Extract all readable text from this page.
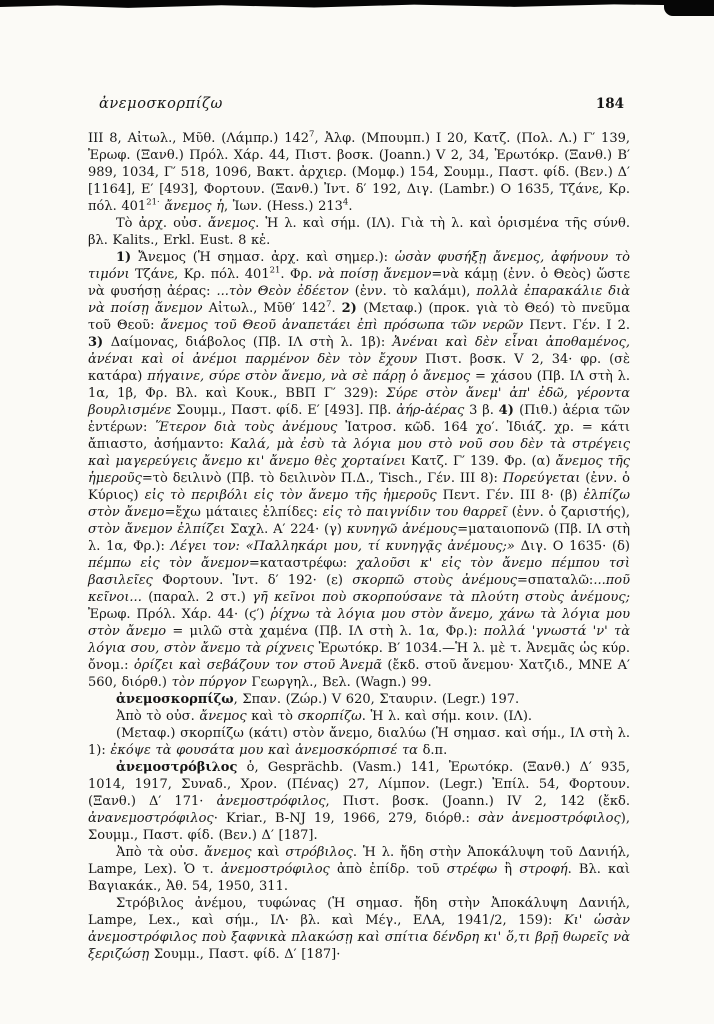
ἀνεμοσκορπίζω	184

III 8, Αἰτωλ., Μῦθ. (Λάμπρ.) $142^7$, Ἀλφ. (Μπουμπ.) I 20, Κατζ. (Πολ. Λ.) Γ′ 139, Ἐρωφ. (Ξανθ.) Πρόλ. Χάρ. 44, Πιστ. βοσκ. (Joann.) V 2, 34, Ἐρωτόκρ. (Ξανθ.) Β′ 989, 1034, Γ′ 518, 1096, Βακτ. ἀρχιερ. (Μομφ.) 154, Σουμμ., Παστ. φίδ. (Βεν.) Δ′ [1164], Ε′ [493], Φορτουν. (Ξανθ.) Ἰντ. δ′ 192, Διγ. (Lambr.) Ο 1635, Τζάνε, Κρ. πόλ. $401^{21\cdot}$ ἄνεμος ἡ, Ἰων. (Hess.) $213^4$.

Τὸ ἀρχ. οὐσ. ἄνεμος. Ἡ λ. καὶ σήμ. (ΙΛ). Γιὰ τὴ λ. καὶ ὁρισμένα τῆς σύνθ. βλ. Kalits., Erkl. Eust. 8 κἑ.

1) Ἄνεμος (Ἡ σημασ. ἀρχ. καὶ σημερ.): ὡσὰν φυσήξῃ ἄνεμος, ἀφήνουν τὸ τιμόνι Τζάνε, Κρ. πόλ. $401^{21}$. Φρ. νὰ ποίσῃ ἄνεμον=νὰ κάμῃ (ἐνν. ὁ Θεὸς) ὥστε νὰ φυσήσῃ ἀέρας: ...τὸν Θεὸν ἐδέετον (ἐνν. τὸ καλάμι), πολλὰ ἐπαρακάλιε διὰ νὰ ποίσῃ ἄνεμον Αἰτωλ., Μῦθ′ $142^7$. 2) (Μεταφ.) (προκ. γιὰ τὸ Θεό) τὸ πνεῦμα τοῦ Θεοῦ: ἄνεμος τοῦ Θεοῦ ἀναπετάει ἐπὶ πρόσωπα τῶν νερῶν Πεντ. Γέν. I 2. 3) Δαίμονας, διάβολος (Πβ. ΙΛ στὴ λ. 1β): Ἀνέναι καὶ δὲν εἶναι ἀποθαμένος, ἀνέναι καὶ οἱ ἀνέμοι παρμένον δὲν τὸν ἔχουν Πιστ. βοσκ. V 2, 34· φρ. (σὲ κατάρα) πήγαινε, σύρε στὸν ἄνεμο, νὰ σὲ πάρῃ ὁ ἄνεμος = χάσου (Πβ. ΙΛ στὴ λ. 1α, 1β, Φρ. Βλ. καὶ Κουκ., ΒΒΠ Γ′ 329): Σύρε στὸν ἄνεμ' ἀπ' ἐδῶ, γέροντα βουρλισμένε Σουμμ., Παστ. φίδ. Ε′ [493]. Πβ. ἀήρ-ἀέρας 3 β. 4) (Πιθ.) ἀέρια τῶν ἐντέρων: Ἕτερον διὰ τοὺς ἀνέμους Ἰατροσ. κῶδ. 164 χο′. Ἰδιάζ. χρ. = κάτι ἄπιαστο, ἀσήμαντο: Καλά, μὰ ἐσὺ τὰ λόγια μου στὸ νοῦ σου δὲν τὰ στρέγεις καὶ μαγερεύγεις ἄνεμο κι' ἄνεμο θὲς χορταίνει Κατζ. Γ′ 139. Φρ. (α) ἄνεμος τῆς ἡμεροῦς=τὸ δειλινὸ (Πβ. τὸ δειλινὸν Π.Δ., Tisch., Γέν. III 8): Πορεύγεται (ἐνν. ὁ Κύριος) εἰς τὸ περιβόλι εἰς τὸν ἄνεμο τῆς ἡμεροῦς Πεντ. Γέν. III 8· (β) ἐλπίζω στὸν ἄνεμο=ἔχω μάταιες ἐλπίδες: εἰς τὸ παιγνίδιν του θαρρεῖ (ἐνν. ὁ ζαριστής), στὸν ἄνεμον ἐλπίζει Σαχλ. Α′ 224· (γ) κυνηγῶ ἀνέμους=ματαιοπονῶ (Πβ. ΙΛ στὴ λ. 1α, Φρ.): Λέγει τον: «Παλληκάρι μου, τί κυνηγᾷς ἀνέμους;» Διγ. Ο 1635· (δ) πέμπω εἰς τὸν ἄνεμον=καταστρέφω: χαλοῦσι κ' εἰς τὸν ἄνεμο πέμπου τσὶ βασιλεῖες Φορτουν. Ἰντ. δ′ 192· (ε) σκορπῶ στοὺς ἀνέμους=σπαταλῶ:...ποῦ κεῖνοι... (παραλ. 2 στ.) γῆ κεῖνοι ποὺ σκορπούσανε τὰ πλούτη στοὺς ἀνέμους; Ἐρωφ. Πρόλ. Χάρ. 44· (ϛ′) ῥίχνω τὰ λόγια μου στὸν ἄνεμο, χάνω τὰ λόγια μου στὸν ἄνεμο = μιλῶ στὰ χαμένα (Πβ. ΙΛ στὴ λ. 1α, Φρ.): πολλά 'γνωστά 'ν' τὰ λόγια σου, στὸν ἄνεμο τὰ ρίχνεις Ἐρωτόκρ. Β′ 1034.—Ἡ λ. μὲ τ. Ἀνεμᾶς ὡς κύρ. ὄνομ.: ὁρίζει καὶ σεβάζουν τον στοῦ Ἀνεμᾶ (ἔκδ. στοῦ ἄνεμου· Χατζιδ., ΜΝΕ Α′ 560, διόρθ.) τὸν πύργον Γεωργηλ., Βελ. (Wagn.) 99.

ἀνεμοσκορπίζω, Σπαν. (Ζώρ.) V 620, Σταυριν. (Legr.) 197.

Ἀπὸ τὸ οὐσ. ἄνεμος καὶ τὸ σκορπίζω. Ἡ λ. καὶ σήμ. κοιν. (ΙΛ).

(Μεταφ.) σκορπίζω (κάτι) στὸν ἄνεμο, διαλύω (Ἡ σημασ. καὶ σήμ., ΙΛ στὴ λ. 1): ἐκόψε τὰ φουσάτα μου καὶ ἀνεμοσκόρπισέ τα δ.π.

ἀνεμοστρόβιλος ὁ, Gesprächb. (Vasm.) 141, Ἐρωτόκρ. (Ξανθ.) Δ′ 935, 1014, 1917, Συναδ., Χρον. (Πένας) 27, Λίμπον. (Legr.) Ἐπίλ. 54, Φορτουν. (Ξανθ.) Δ′ 171· ἀνεμοστρόφιλος, Πιστ. βοσκ. (Joann.) IV 2, 142 (ἔκδ. ἀνανεμοστρόφιλος· Kriar., B-NJ 19, 1966, 279, διόρθ.: σὰν ἀνεμοστρόφιλος), Σουμμ., Παστ. φίδ. (Βεν.) Δ′ [187].

Ἀπὸ τὰ οὐσ. ἄνεμος καὶ στρόβιλος. Ἡ λ. ἤδη στὴν Ἀποκάλυψη τοῦ Δανιήλ, Lampe, Lex). Ὁ τ. ἀνεμοστρόφιλος ἀπὸ ἐπίδρ. τοῦ στρέφω ἢ στροφή. Βλ. καὶ Βαγιακάκ., Ἀθ. 54, 1950, 311.

Στρόβιλος ἀνέμου, τυφώνας (Ἡ σημασ. ἤδη στὴν Ἀποκάλυψη Δανιήλ, Lampe, Lex., καὶ σήμ., ΙΛ· βλ. καὶ Μέγ., ΕΛΑ, 1941/2, 159): Κι' ὡσὰν ἀνεμοστρόφιλος ποὺ ξαφνικὰ πλακώσῃ καὶ σπίτια δένδρη κι' ὅ,τι βρῇ θωρεῖς νὰ ξεριζώσῃ Σουμμ., Παστ. φίδ. Δ′ [187]·
